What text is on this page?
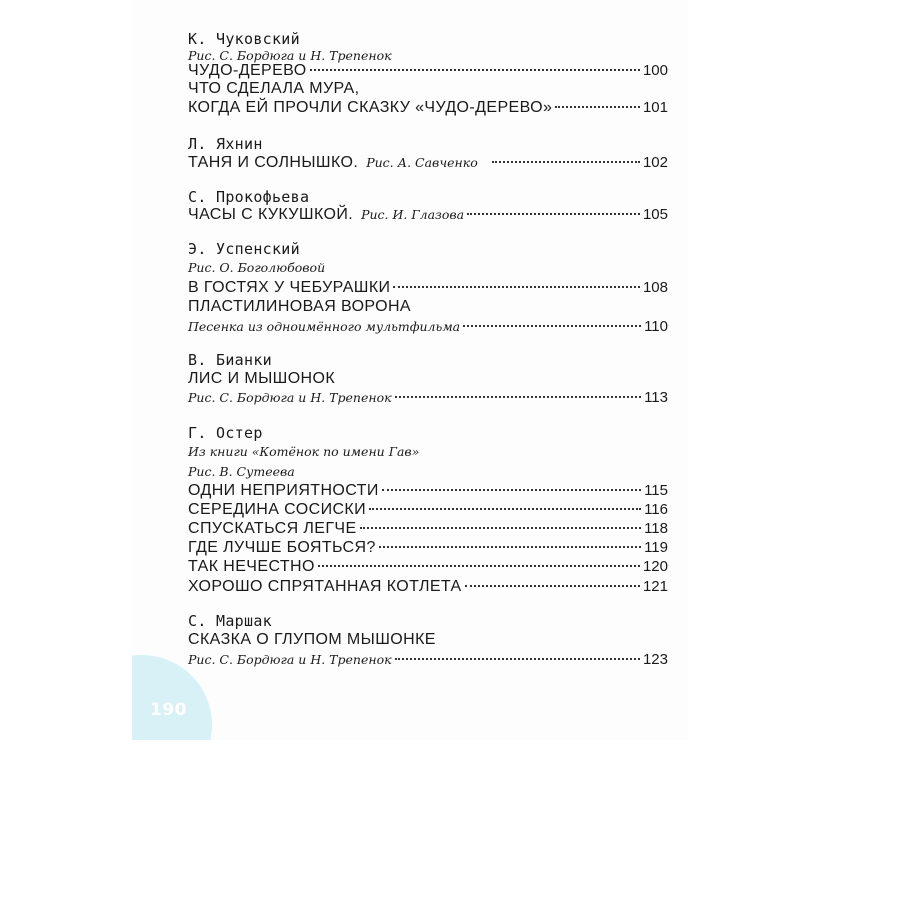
190
К. Чуковский
Рис. С. Бордюга и Н. Трепенок
ЧУДО-ДЕРЕВО	100
ЧТО СДЕЛАЛА МУРА,
КОГДА ЕЙ ПРОЧЛИ СКАЗКУ «ЧУДО-ДЕРЕВО»	101
Л. Яхнин
ТАНЯ И СОЛНЫШКО. Рис. А. Савченко	102
С. Прокофьева
ЧАСЫ С КУКУШКОЙ. Рис. И. Глазова	105
Э. Успенский
Рис. О. Боголюбовой
В ГОСТЯХ У ЧЕБУРАШКИ	108
ПЛАСТИЛИНОВАЯ ВОРОНА
Песенка из одноимённого мультфильма	110
В. Бианки
ЛИС И МЫШОНОК
Рис. С. Бордюга и Н. Трепенок	113
Г. Остер
Из книги «Котёнок по имени Гав»
Рис. В. Сутеева
ОДНИ НЕПРИЯТНОСТИ	115
СЕРЕДИНА СОСИСКИ	116
СПУСКАТЬСЯ ЛЕГЧЕ	118
ГДЕ ЛУЧШЕ БОЯТЬСЯ?	119
ТАК НЕЧЕСТНО	120
ХОРОШО СПРЯТАННАЯ КОТЛЕТА	121
С. Маршак
СКАЗКА О ГЛУПОМ МЫШОНКЕ
Рис. С. Бордюга и Н. Трепенок	123
